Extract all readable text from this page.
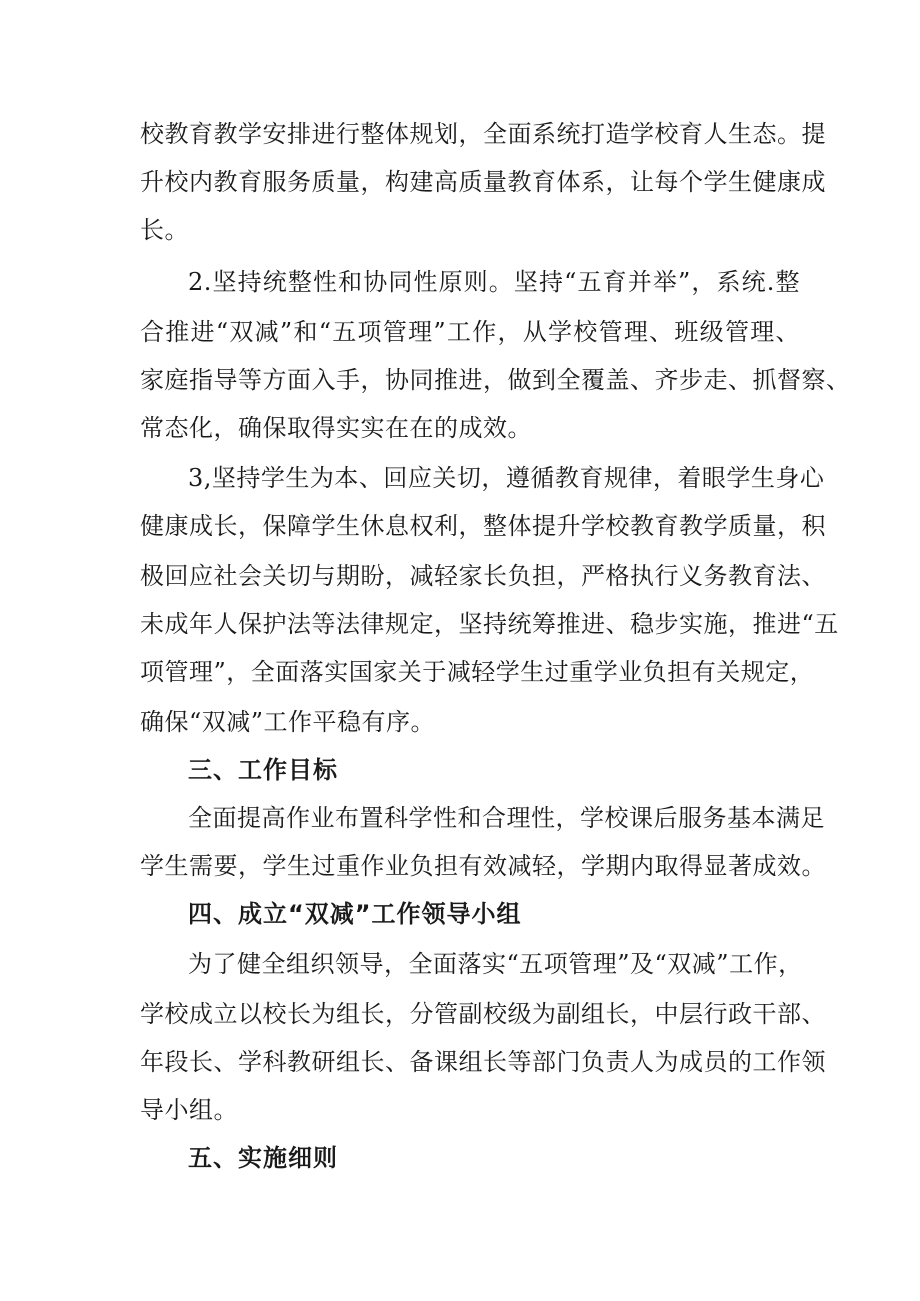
校教育教学安排进行整体规划，全面系统打造学校育人生态。提
升校内教育服务质量，构建高质量教育体系，让每个学生健康成
长。
2.坚持统整性和协同性原则。坚持“五育并举”，系统.整
合推进“双减”和“五项管理”工作，从学校管理、班级管理、
家庭指导等方面入手，协同推进，做到全覆盖、齐步走、抓督察、
常态化，确保取得实实在在的成效。
3,坚持学生为本、回应关切，遵循教育规律，着眼学生身心
健康成长，保障学生休息权利，整体提升学校教育教学质量，积
极回应社会关切与期盼，减轻家长负担，严格执行义务教育法、
未成年人保护法等法律规定，坚持统筹推进、稳步实施，推进“五
项管理”，全面落实国家关于减轻学生过重学业负担有关规定，
确保“双减”工作平稳有序。
三、工作目标
全面提高作业布置科学性和合理性，学校课后服务基本满足
学生需要，学生过重作业负担有效减轻，学期内取得显著成效。
四、成立“双减”工作领导小组
为了健全组织领导，全面落实“五项管理”及“双减”工作，
学校成立以校长为组长，分管副校级为副组长，中层行政干部、
年段长、学科教研组长、备课组长等部门负责人为成员的工作领
导小组。
五、实施细则
